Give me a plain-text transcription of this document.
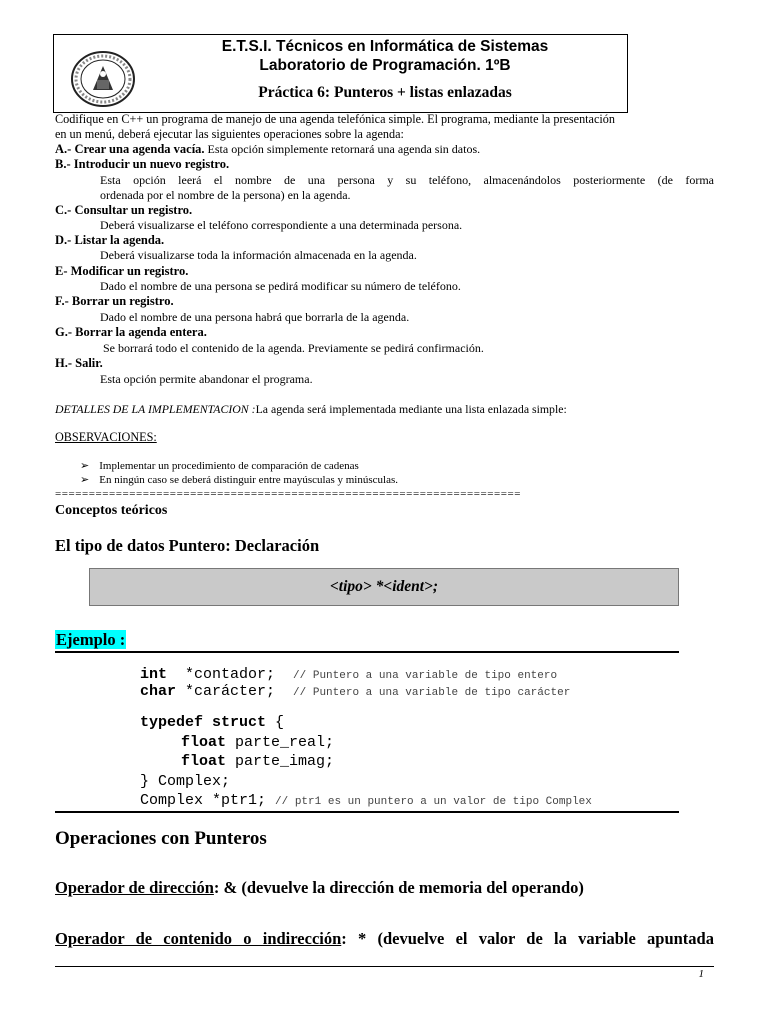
E.T.S.I. Técnicos en Informática de Sistemas
Laboratorio de Programación. 1ºB
Práctica 6: Punteros + listas enlazadas
Codifique en C++ un programa de manejo de una agenda telefónica simple. El programa, mediante la presentación
en un menú, deberá ejecutar las siguientes operaciones sobre la agenda:
A.- Crear una agenda vacía. Esta opción simplemente retornará una agenda sin datos.
B.- Introducir un nuevo registro.
Esta opción leerá el nombre de una persona y su teléfono, almacenándolos posteriormente (de forma
ordenada por el nombre de la persona) en la agenda.
C.- Consultar un registro.
Deberá visualizarse el teléfono correspondiente a una determinada persona.
D.- Listar la agenda.
Deberá visualizarse toda la información almacenada en la agenda.
E- Modificar un registro.
Dado el nombre de una persona se pedirá modificar su número de teléfono.
F.- Borrar un registro.
Dado el nombre de una persona habrá que borrarla de la agenda.
G.- Borrar la agenda entera.
Se borrará todo el contenido de la agenda. Previamente se pedirá confirmación.
H.- Salir.
Esta opción permite abandonar el programa.
DETALLES DE LA IMPLEMENTACION :La agenda será implementada mediante una lista enlazada simple:
OBSERVACIONES:
➢ Implementar un procedimiento de comparación de cadenas
➢ En ningún caso se deberá distinguir entre mayúsculas y minúsculas.
=====================================================================
Conceptos teóricos
El tipo de datos Puntero: Declaración
<tipo> *<ident>;
Ejemplo :
int  *contador;  // Puntero a una variable de tipo entero
char *carácter;  // Puntero a una variable de tipo carácter
typedef struct {
float parte_real;
float parte_imag;
} Complex;
Complex *ptr1; // ptr1 es un puntero a un valor de tipo Complex
Operaciones con Punteros
Operador de dirección: & (devuelve la dirección de memoria del operando)
Operador de contenido o indirección: * (devuelve el valor de la variable apuntada
1
